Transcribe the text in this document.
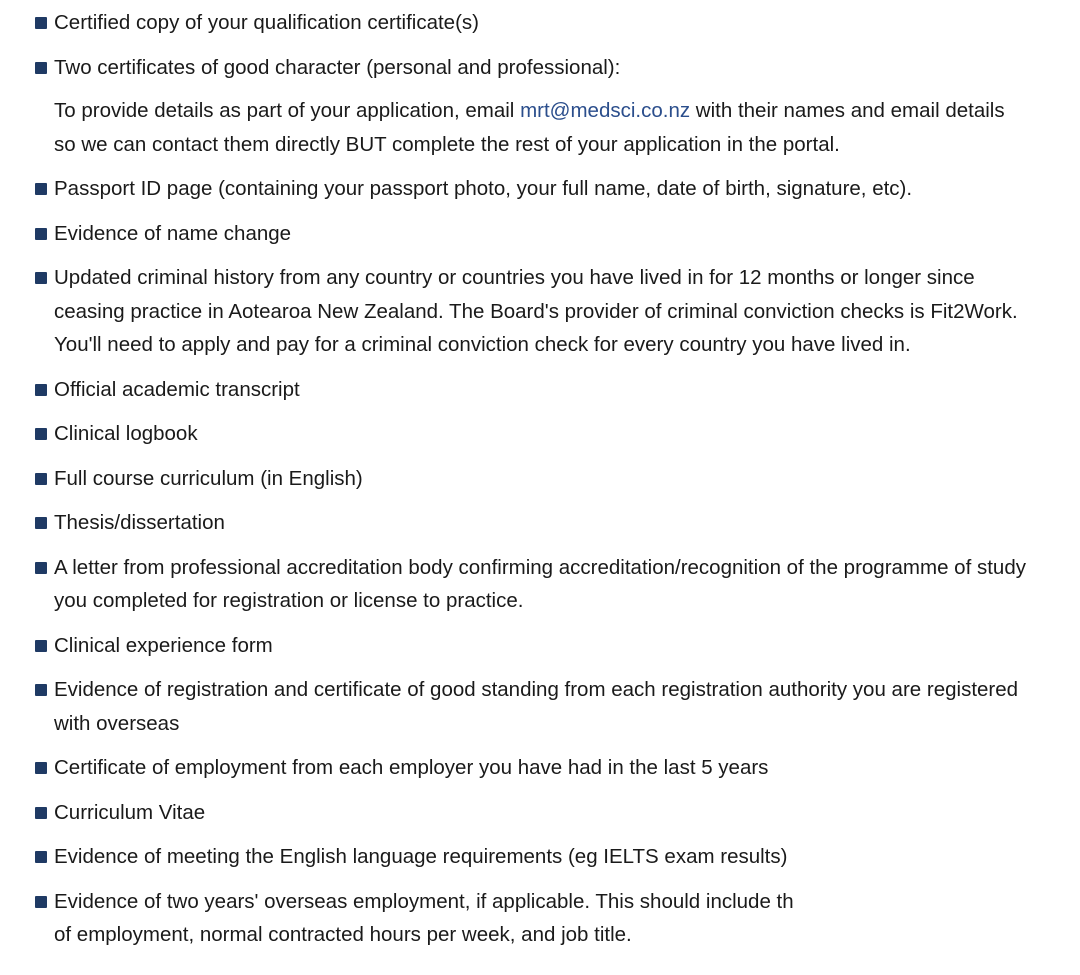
Certified copy of your qualification certificate(s)
Two certificates of good character (personal and professional):
To provide details as part of your application, email mrt@medsci.co.nz with their names and email details so we can contact them directly BUT complete the rest of your application in the portal.
Passport ID page (containing your passport photo, your full name, date of birth, signature, etc).
Evidence of name change
Updated criminal history from any country or countries you have lived in for 12 months or longer since ceasing practice in Aotearoa New Zealand. The Board's provider of criminal conviction checks is Fit2Work. You'll need to apply and pay for a criminal conviction check for every country you have lived in.
Official academic transcript
Clinical logbook
Full course curriculum (in English)
Thesis/dissertation
A letter from professional accreditation body confirming accreditation/recognition of the programme of study you completed for registration or license to practice.
Clinical experience form
Evidence of registration and certificate of good standing from each registration authority you are registered with overseas
Certificate of employment from each employer you have had in the last 5 years
Curriculum Vitae
Evidence of meeting the English language requirements (eg IELTS exam results)
Evidence of two years' overseas employment, if applicable. This should include th
of employment, normal contracted hours per week, and job title.
